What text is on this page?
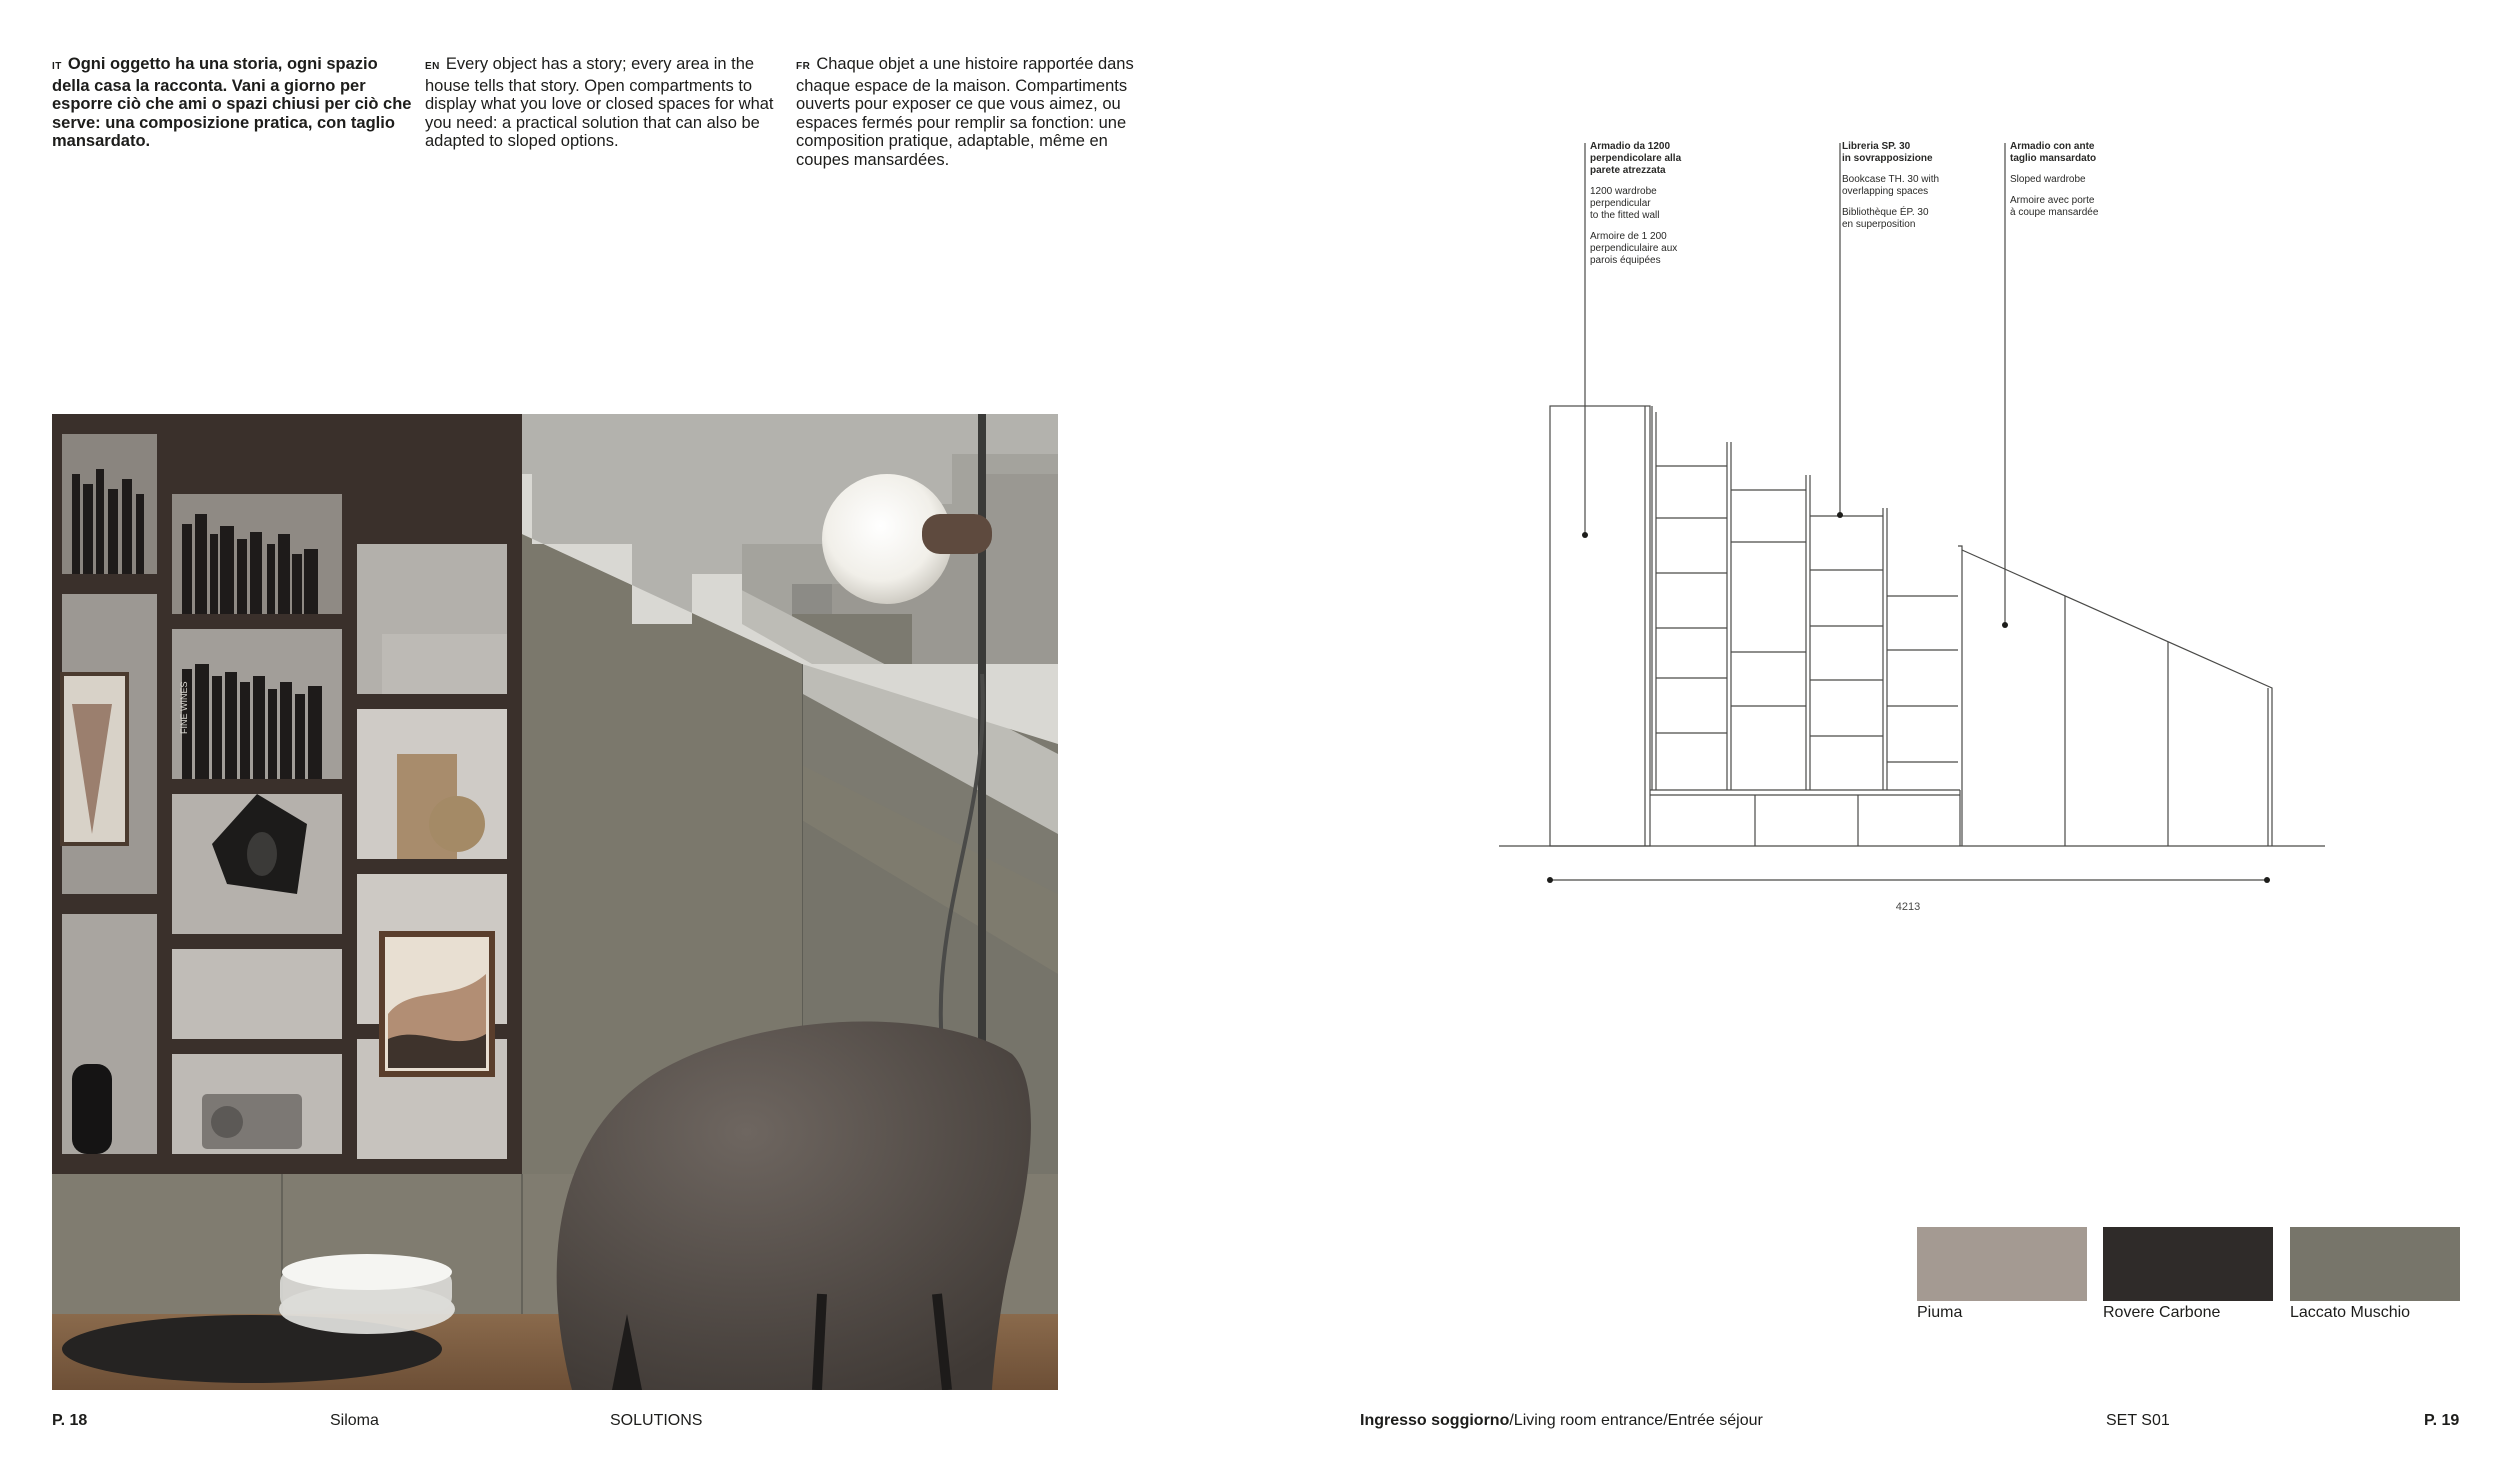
IT Ogni oggetto ha una storia, ogni spazio della casa la racconta. Vani a giorno per esporre ciò che ami o spazi chiusi per ciò che serve: una composizione pratica, con taglio mansardato.
EN Every object has a story; every area in the house tells that story. Open compartments to display what you love or closed spaces for what you need: a practical solution that can also be adapted to sloped options.
FR Chaque objet a une histoire rapportée dans chaque espace de la maison. Compartiments ouverts pour exposer ce que vous aimez, ou espaces fermés pour remplir sa fonction: une composition pratique, adaptable, même en coupes mansardées.
FINE WINES
Armadio da 1200
perpendicolare alla
parete atrezzata
1200 wardrobe
perpendicular
to the fitted wall
Armoire de 1 200
perpendiculaire aux
parois équipées
Libreria SP. 30
in sovrapposizione
Bookcase TH. 30 with
overlapping spaces
Bibliothèque ÉP. 30
en superposition
Armadio con ante
taglio mansardato
Sloped wardrobe
Armoire avec porte
à coupe mansardée
4213
Piuma	Rovere Carbone	Laccato Muschio
P. 18	Siloma	SOLUTIONS	Ingresso soggiorno/Living room entrance/Entrée séjour	SET S01	P. 19
